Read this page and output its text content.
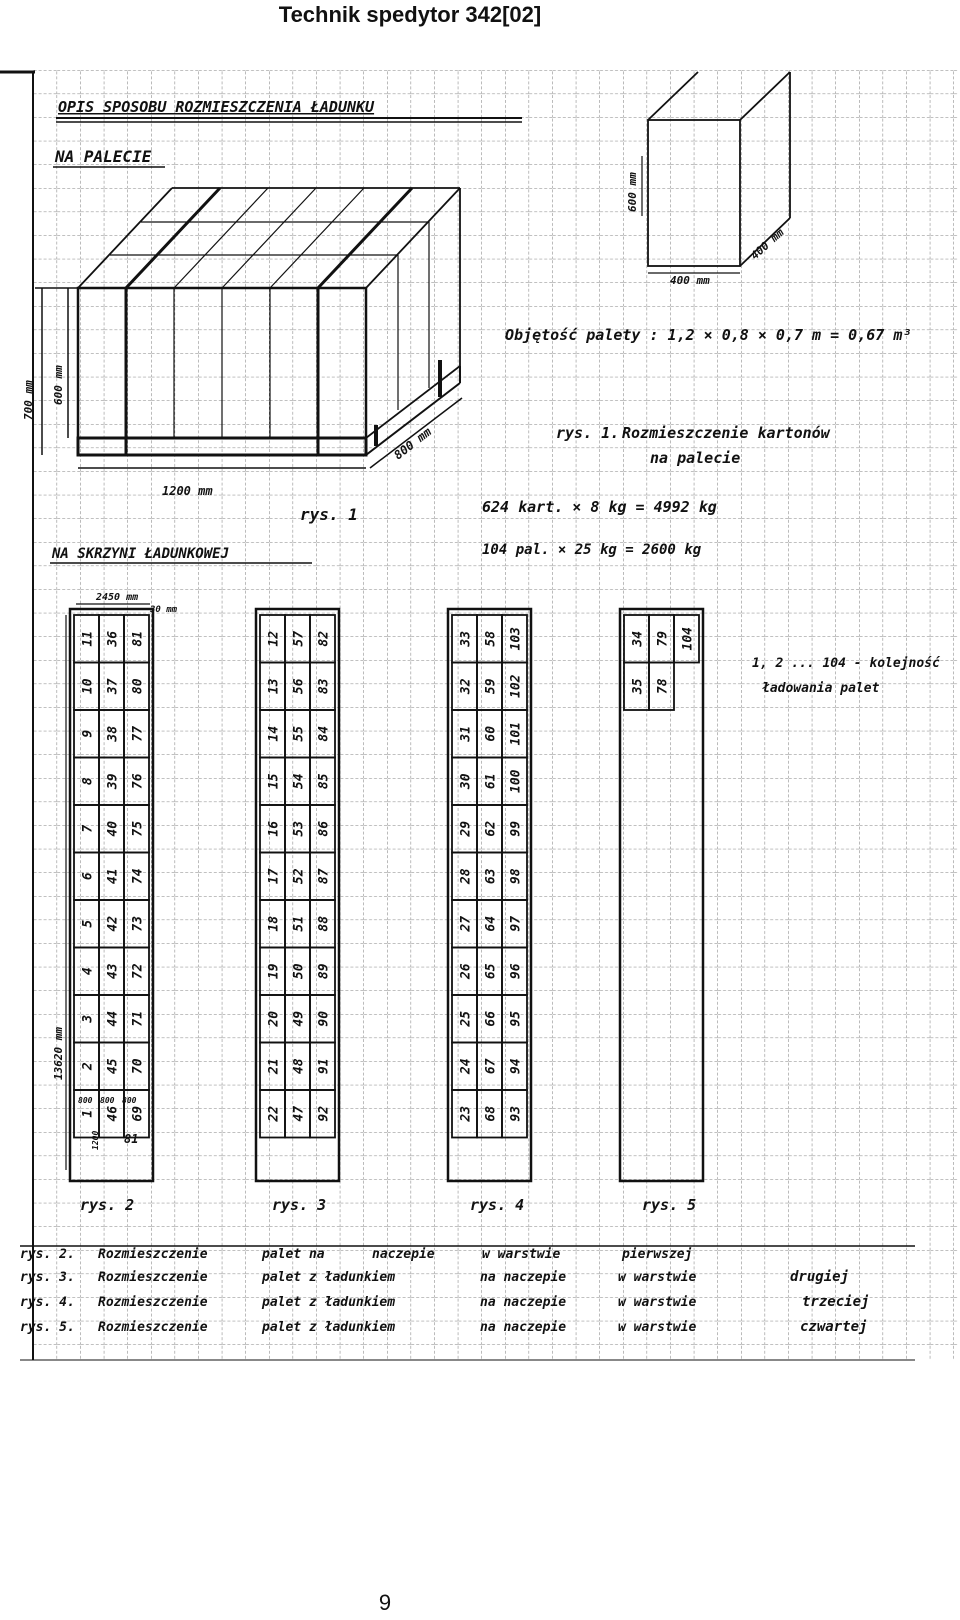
Technik spedytor 342[02]
OPIS SPOSOBU ROZMIESZCZENIA ŁADUNKU
NA PALECIE
700 mm 600 mm
1200 mm
800 mm
rys. 1
600 mm
400 mm
400 mm
Objętość palety : 1,2 × 0,8 × 0,7 m = 0,67 m³
rys. 1. Rozmieszczenie kartonów
na palecie
624 kart. × 8 kg = 4992 kg
104 pal. × 25 kg = 2600 kg
NA SKRZYNI ŁADUNKOWEJ
2450 mm
30 mm
13620 mm
11 36 81
10 37 80
9 38 77
8 39 76
7 40 75
6 41 74
5 42 73
4 43 72
3 44 71
2 45 70
1 46 69
81
12 57 82
13 56 83
14 55 84
15 54 85
16 53 86
17 52 87
18 51 88
19 50 89
20 49 90
21 48 91
22 47 92
33 58 103
32 59 102
31 60 101
30 61 100
29 62 99
28 63 98
27 64 97
26 65 96
25 66 95
24 67 94
23 68 93
34 79 104
35 78
800 800 800
1200
rys. 2	rys. 3	rys. 4	rys. 5
1, 2 ... 104 - kolejność
ładowania palet
rys. 2. Rozmieszczenie	palet na	naczepie	w warstwie	pierwszej
rys. 3. Rozmieszczenie	palet z ładunkiem	na naczepie	w warstwie	drugiej
rys. 4. Rozmieszczenie	palet z ładunkiem	na naczepie	w warstwie	trzeciej
rys. 5. Rozmieszczenie	palet z ładunkiem	na naczepie	w warstwie	czwartej
9
